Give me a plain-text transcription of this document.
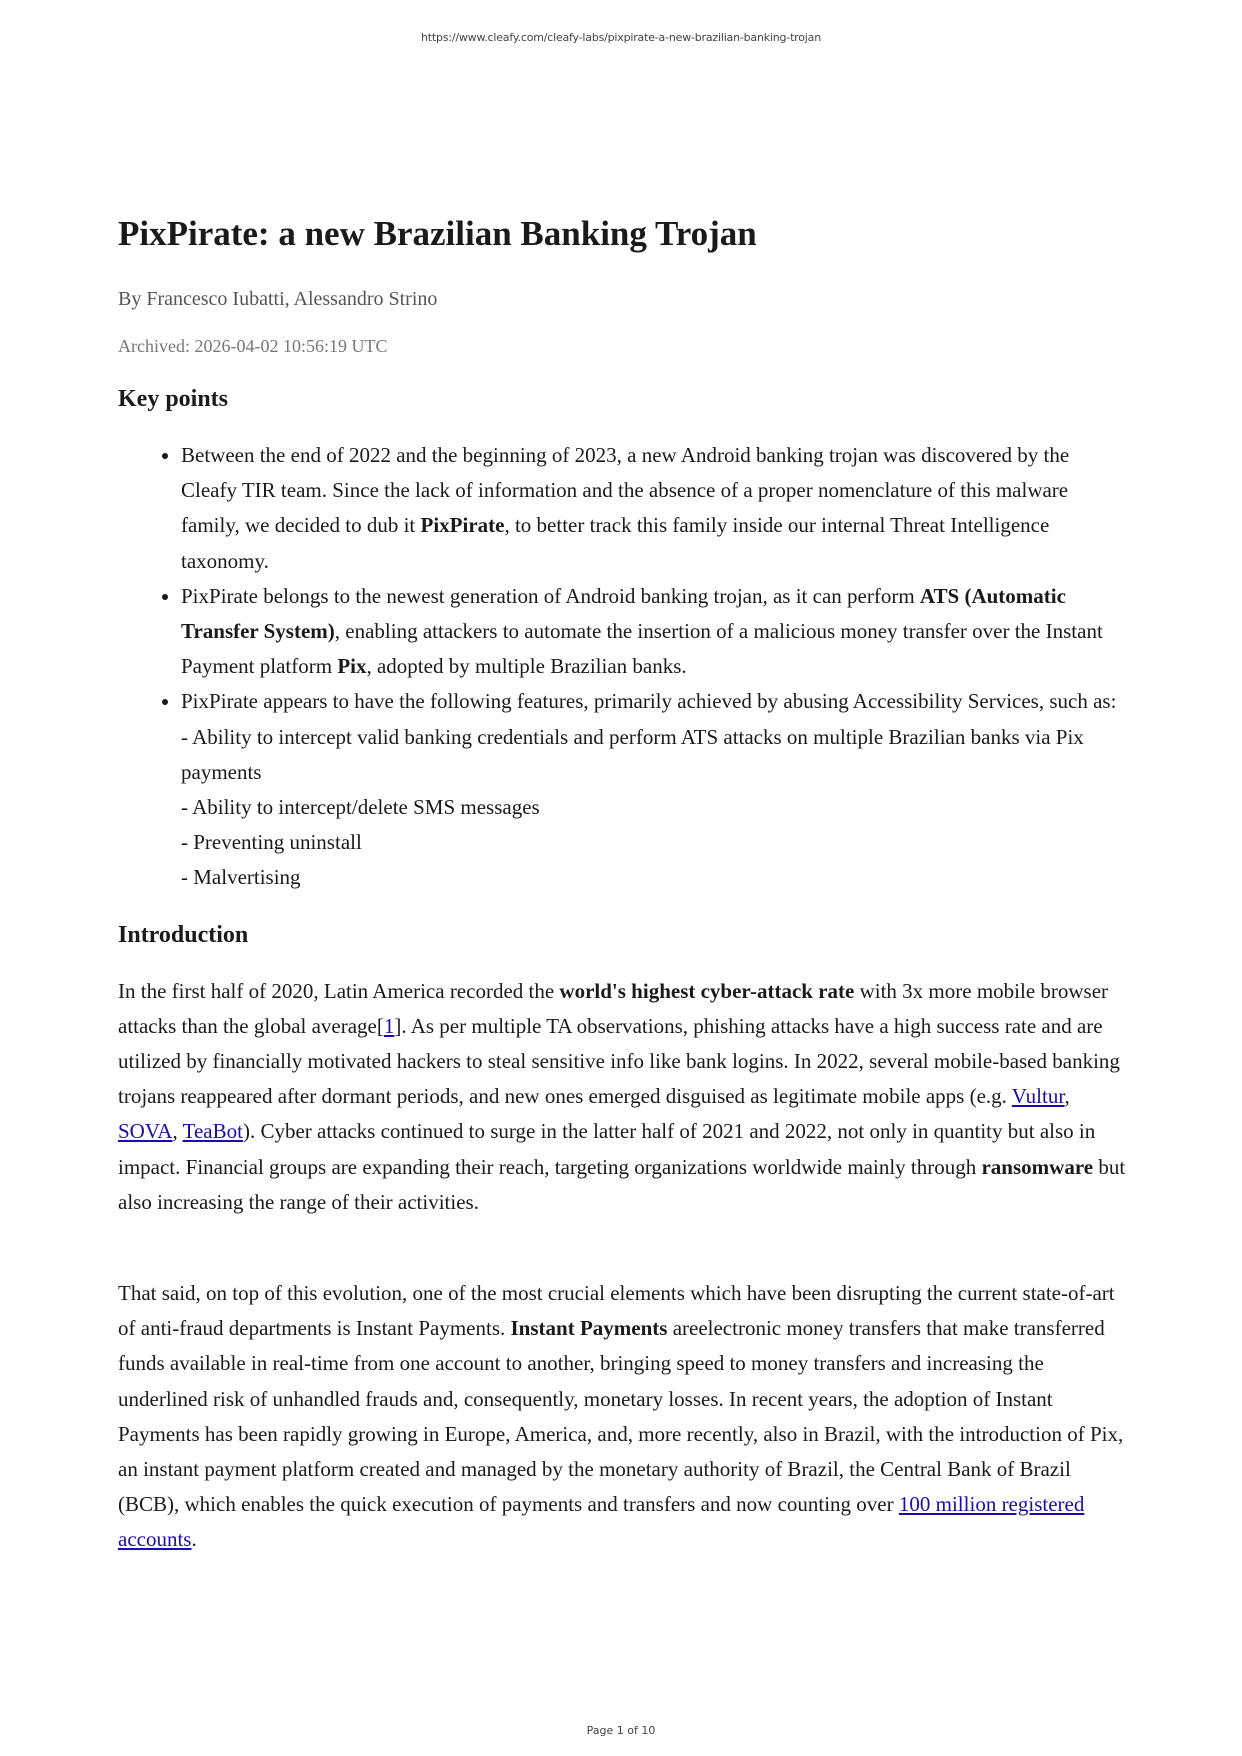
https://www.cleafy.com/cleafy-labs/pixpirate-a-new-brazilian-banking-trojan
PixPirate: a new Brazilian Banking Trojan
By Francesco Iubatti, Alessandro Strino
Archived: 2026-04-02 10:56:19 UTC
Key points
• Between the end of 2022 and the beginning of 2023, a new Android banking trojan was discovered by the Cleafy TIR team. Since the lack of information and the absence of a proper nomenclature of this malware family, we decided to dub it PixPirate, to better track this family inside our internal Threat Intelligence taxonomy.
• PixPirate belongs to the newest generation of Android banking trojan, as it can perform ATS (Automatic Transfer System), enabling attackers to automate the insertion of a malicious money transfer over the Instant Payment platform Pix, adopted by multiple Brazilian banks.
• PixPirate appears to have the following features, primarily achieved by abusing Accessibility Services, such as:
- Ability to intercept valid banking credentials and perform ATS attacks on multiple Brazilian banks via Pix payments
- Ability to intercept/delete SMS messages
- Preventing uninstall
- Malvertising
Introduction

In the first half of 2020, Latin America recorded the world's highest cyber-attack rate with 3x more mobile browser attacks than the global average[1]. As per multiple TA observations, phishing attacks have a high success rate and are utilized by financially motivated hackers to steal sensitive info like bank logins. In 2022, several mobile-based banking trojans reappeared after dormant periods, and new ones emerged disguised as legitimate mobile apps (e.g. Vultur, SOVA, TeaBot). Cyber attacks continued to surge in the latter half of 2021 and 2022, not only in quantity but also in impact. Financial groups are expanding their reach, targeting organizations worldwide mainly through ransomware but also increasing the range of their activities.

That said, on top of this evolution, one of the most crucial elements which have been disrupting the current state-of-art of anti-fraud departments is Instant Payments. Instant Payments areelectronic money transfers that make transferred funds available in real-time from one account to another, bringing speed to money transfers and increasing the underlined risk of unhandled frauds and, consequently, monetary losses. In recent years, the adoption of Instant Payments has been rapidly growing in Europe, America, and, more recently, also in Brazil, with the introduction of Pix, an instant payment platform created and managed by the monetary authority of Brazil, the Central Bank of Brazil (BCB), which enables the quick execution of payments and transfers and now counting over 100 million registered accounts.

Page 1 of 10
